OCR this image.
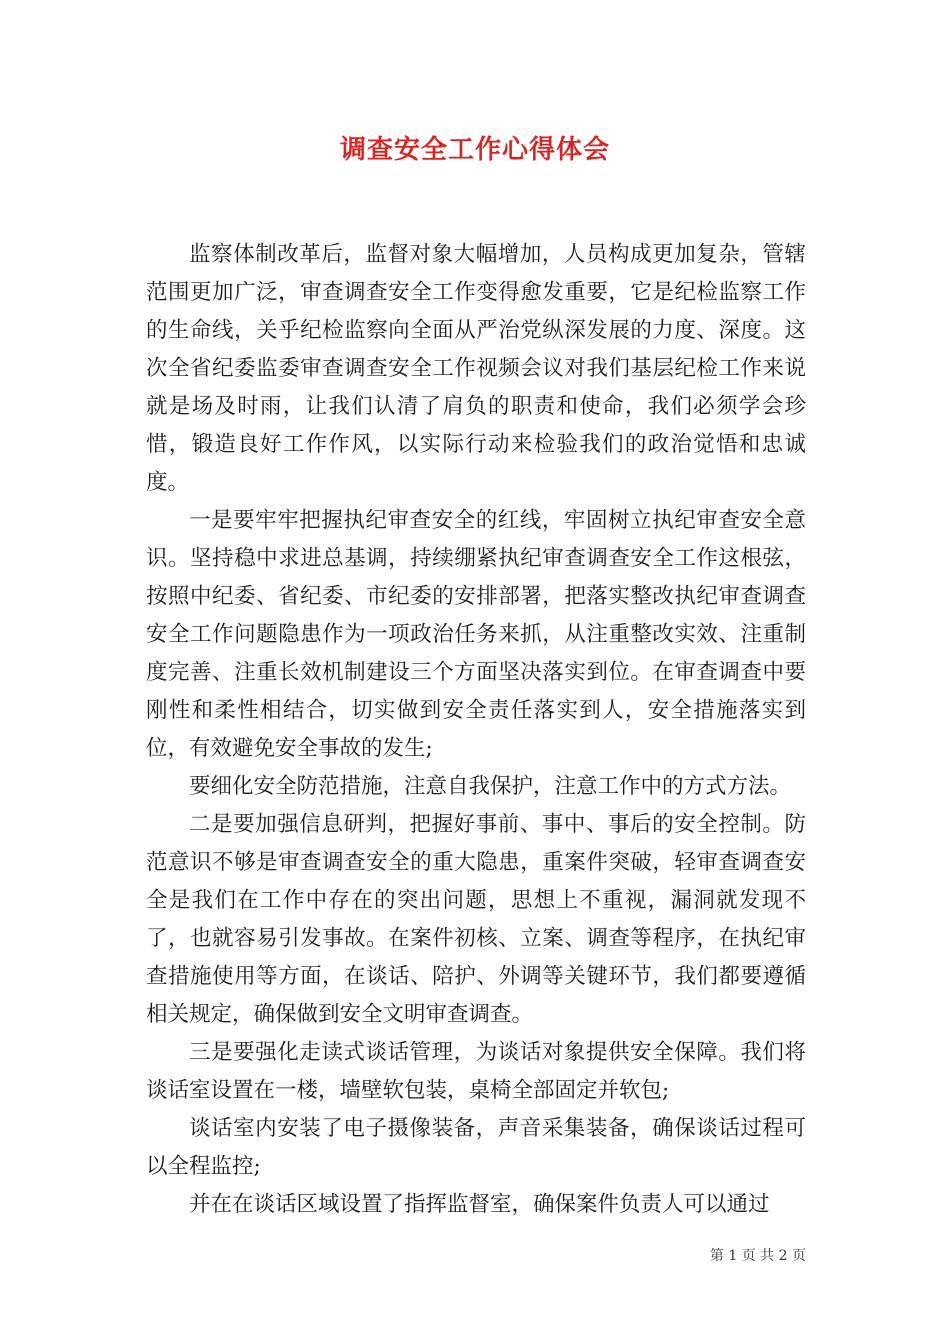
调查安全工作心得体会

监察体制改革后，监督对象大幅增加，人员构成更加复杂，管辖范围更加广泛，审查调查安全工作变得愈发重要，它是纪检监察工作的生命线，关乎纪检监察向全面从严治党纵深发展的力度、深度。这次全省纪委监委审查调查安全工作视频会议对我们基层纪检工作来说就是场及时雨，让我们认清了肩负的职责和使命，我们必须学会珍惜，锻造良好工作作风，以实际行动来检验我们的政治觉悟和忠诚度。

一是要牢牢把握执纪审查安全的红线，牢固树立执纪审查安全意识。坚持稳中求进总基调，持续绷紧执纪审查调查安全工作这根弦，按照中纪委、省纪委、市纪委的安排部署，把落实整改执纪审查调查安全工作问题隐患作为一项政治任务来抓，从注重整改实效、注重制度完善、注重长效机制建设三个方面坚决落实到位。在审查调查中要刚性和柔性相结合，切实做到安全责任落实到人，安全措施落实到位，有效避免安全事故的发生;

要细化安全防范措施，注意自我保护，注意工作中的方式方法。

二是要加强信息研判，把握好事前、事中、事后的安全控制。防范意识不够是审查调查安全的重大隐患，重案件突破，轻审查调查安全是我们在工作中存在的突出问题，思想上不重视，漏洞就发现不了，也就容易引发事故。在案件初核、立案、调查等程序，在执纪审查措施使用等方面，在谈话、陪护、外调等关键环节，我们都要遵循相关规定，确保做到安全文明审查调查。

三是要强化走读式谈话管理，为谈话对象提供安全保障。我们将谈话室设置在一楼，墙壁软包装，桌椅全部固定并软包;

谈话室内安装了电子摄像装备，声音采集装备，确保谈话过程可以全程监控;

并在在谈话区域设置了指挥监督室，确保案件负责人可以通过

第 1 页 共 2 页
